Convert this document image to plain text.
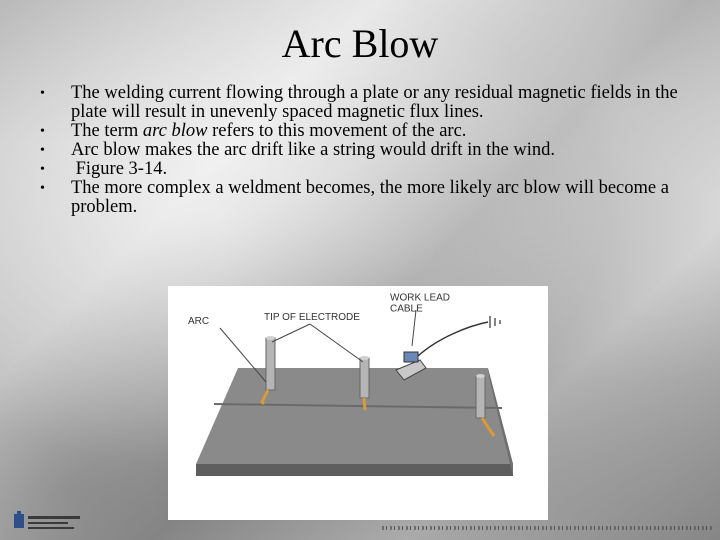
Arc Blow
• The welding current flowing through a plate or any residual magnetic fields in the plate will result in unevenly spaced magnetic flux lines.
• The term arc blow refers to this movement of the arc.
• Arc blow makes the arc drift like a string would drift in the wind.
•  Figure 3-14.
• The more complex a weldment becomes, the more likely arc blow will become a problem.
ARC	TIP OF ELECTRODE
WORK LEAD
CABLE
